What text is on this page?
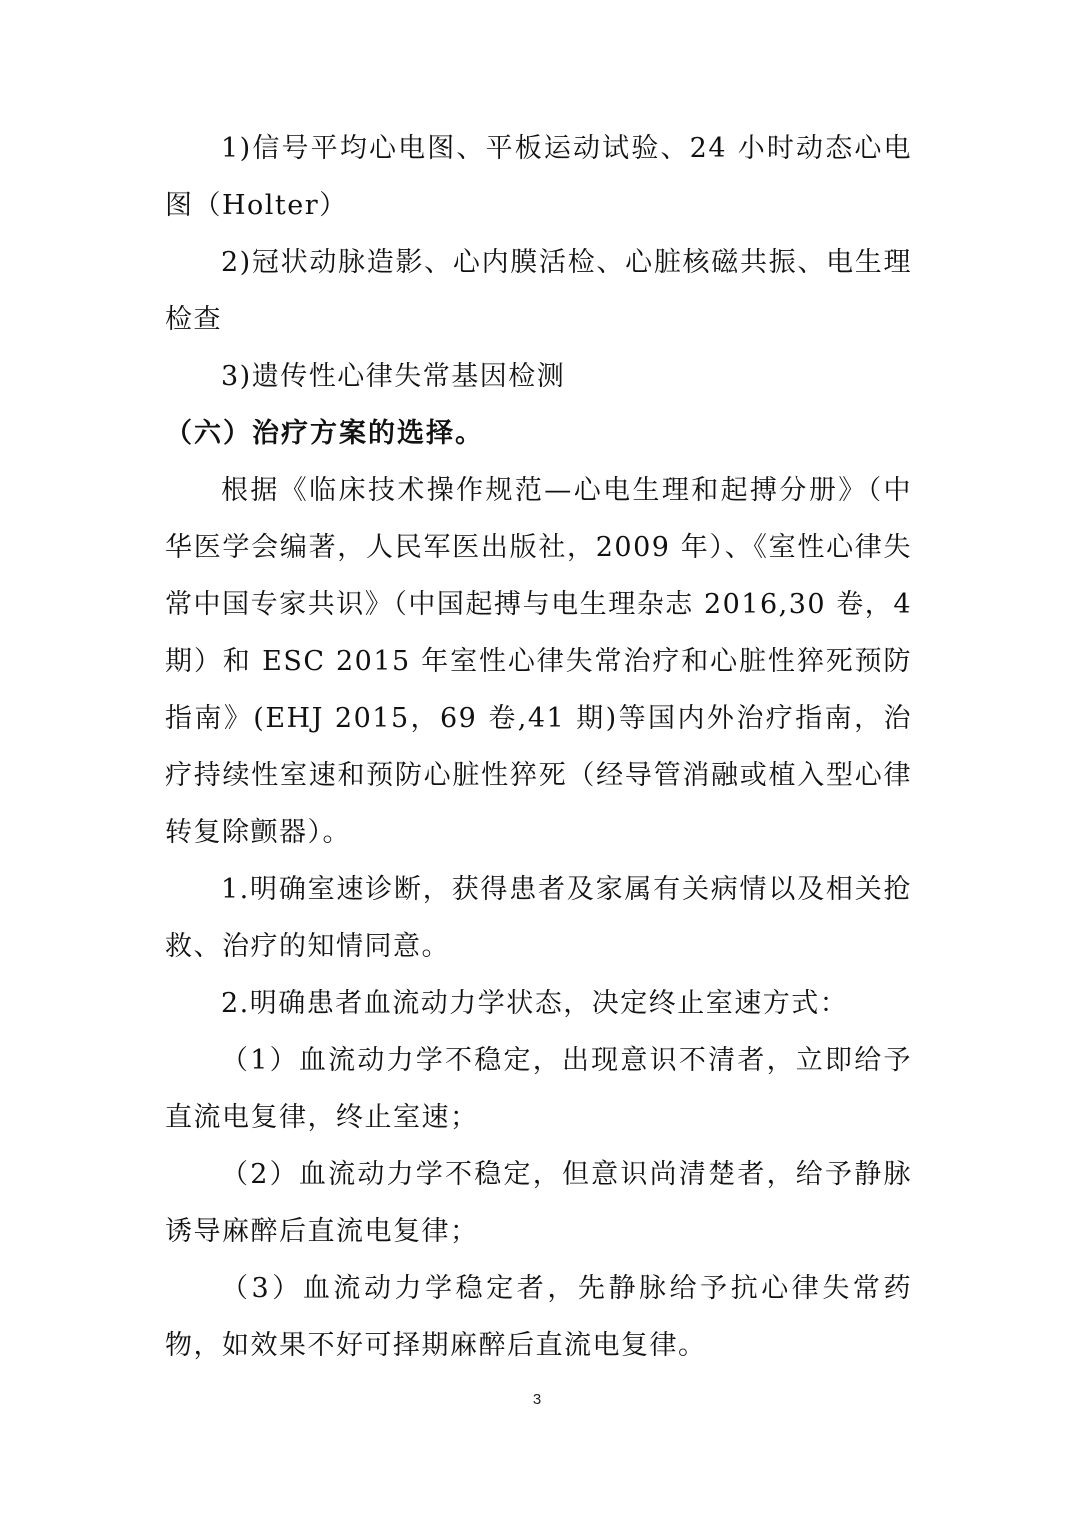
1)信号平均心电图、平板运动试验、24 小时动态心电图（Holter）

2)冠状动脉造影、心内膜活检、心脏核磁共振、电生理检查

3)遗传性心律失常基因检测

（六）治疗方案的选择。

根据《临床技术操作规范—心电生理和起搏分册》（中华医学会编著，人民军医出版社，2009 年）、《室性心律失常中国专家共识》（中国起搏与电生理杂志 2016,30 卷，4 期）和 ESC 2015 年室性心律失常治疗和心脏性猝死预防指南》(EHJ 2015，69 卷,41 期)等国内外治疗指南，治疗持续性室速和预防心脏性猝死（经导管消融或植入型心律转复除颤器）。

1.明确室速诊断，获得患者及家属有关病情以及相关抢救、治疗的知情同意。

2.明确患者血流动力学状态，决定终止室速方式：

（1）血流动力学不稳定，出现意识不清者，立即给予直流电复律，终止室速；

（2）血流动力学不稳定，但意识尚清楚者，给予静脉诱导麻醉后直流电复律；

（3）血流动力学稳定者，先静脉给予抗心律失常药物，如效果不好可择期麻醉后直流电复律。

3
